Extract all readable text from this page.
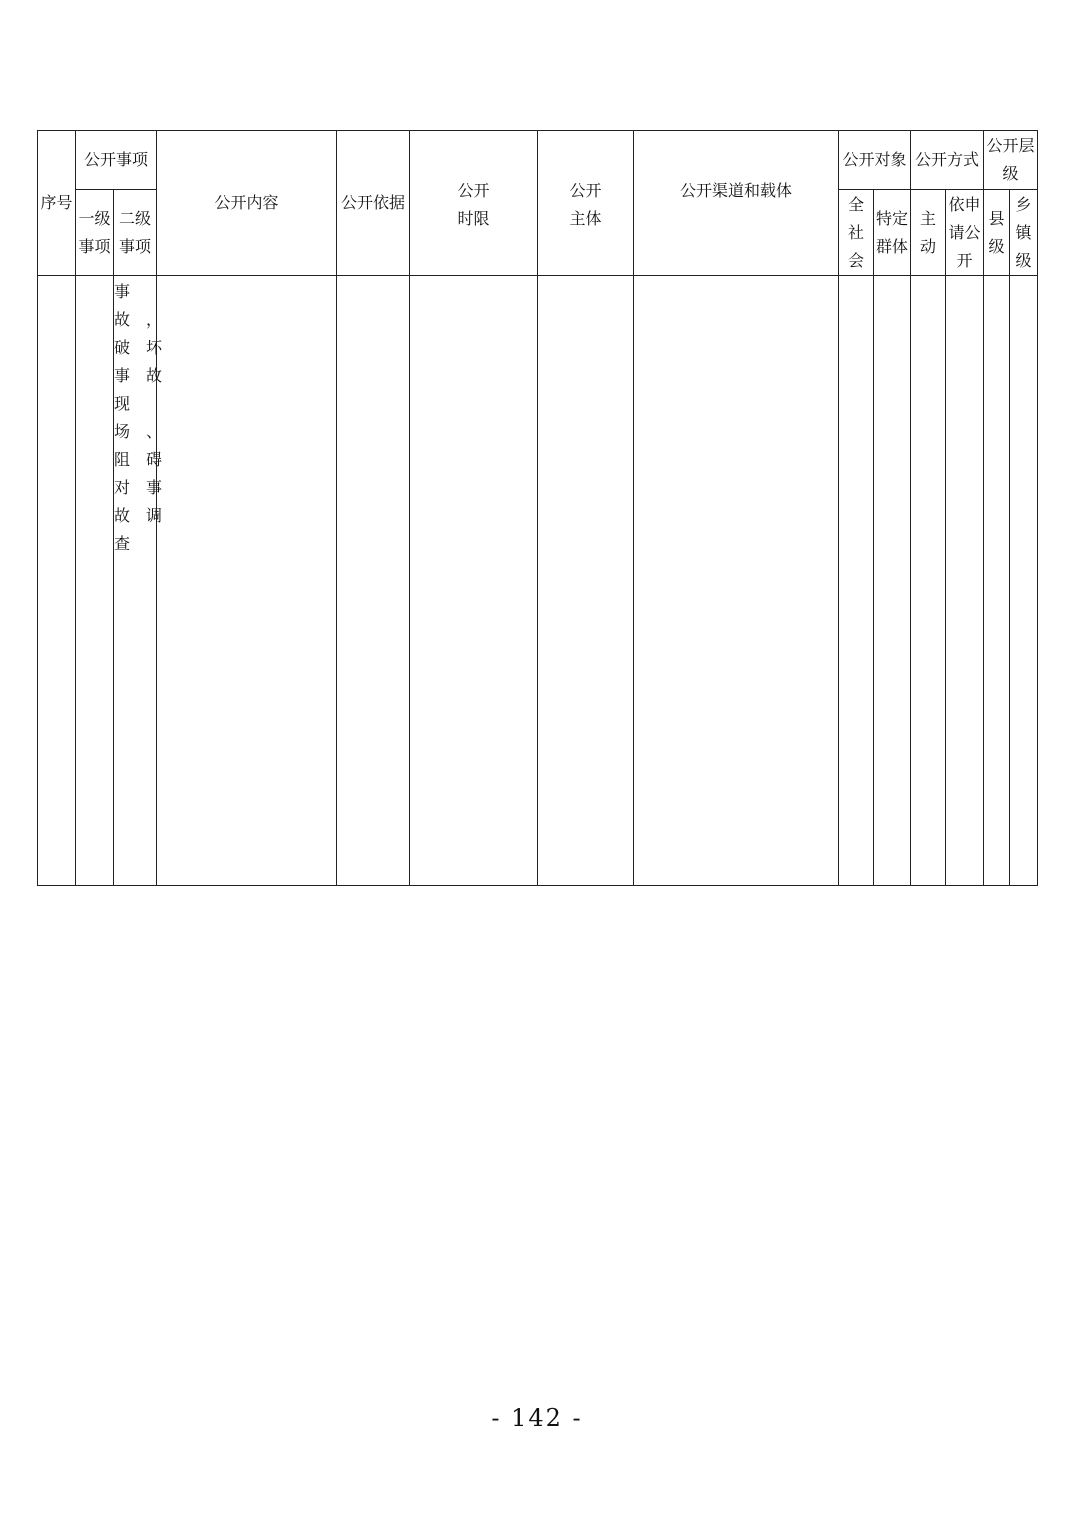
序号
公开事项
一级
事项
二级
事项
公开内容	公开依据
公开
时限
公开
主体
公开渠道和载体
公开对象
全
社
会
特定
群体
公开方式
主
动
依申
请公
开
公开层
级
县
级
乡
镇
级
事
故　，
破　坏
事　故
现
场　、
阻　碍
对　事
故　调
查
- 142 -
